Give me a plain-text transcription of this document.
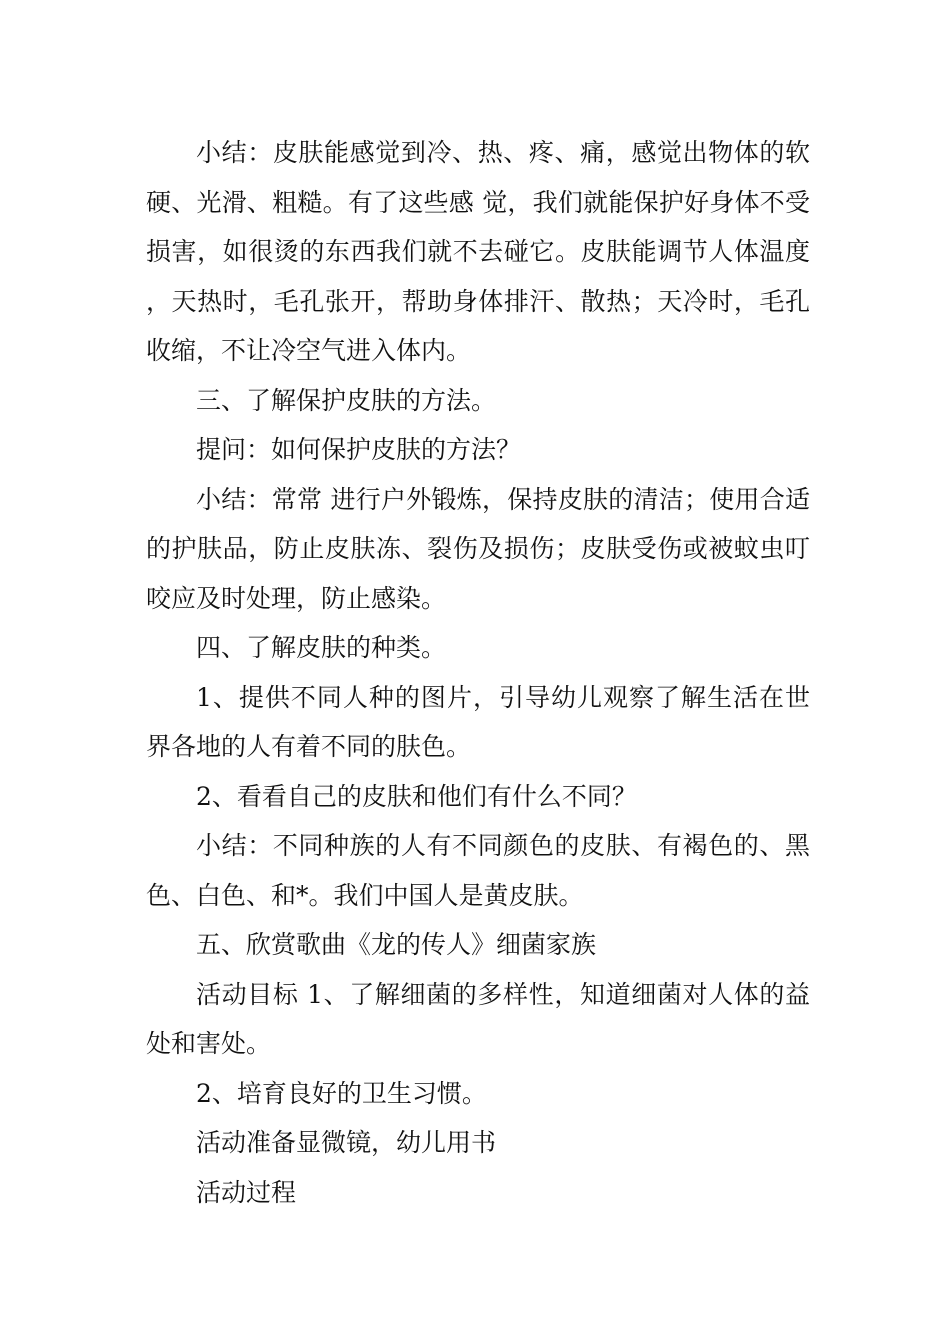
小结：皮肤能感觉到冷、热、疼、痛，感觉出物体的软硬、光滑、粗糙。有了这些感 觉，我们就能保护好身体不受损害，如很烫的东西我们就不去碰它。皮肤能调节人体温度，天热时，毛孔张开，帮助身体排汗、散热；天冷时，毛孔收缩，不让冷空气进入体内。

三、了解保护皮肤的方法。

提问：如何保护皮肤的方法？

小结：常常 进行户外锻炼，保持皮肤的清洁；使用合适的护肤品，防止皮肤冻、裂伤及损伤；皮肤受伤或被蚊虫叮咬应及时处理，防止感染。

四、了解皮肤的种类。

1、提供不同人种的图片，引导幼儿观察了解生活在世界各地的人有着不同的肤色。

2、看看自己的皮肤和他们有什么不同？

小结：不同种族的人有不同颜色的皮肤、有褐色的、黑色、白色、和*。我们中国人是黄皮肤。

五、欣赏歌曲《龙的传人》细菌家族

活动目标 1、了解细菌的多样性，知道细菌对人体的益处和害处。

2、培育良好的卫生习惯。

活动准备显微镜，幼儿用书

活动过程
